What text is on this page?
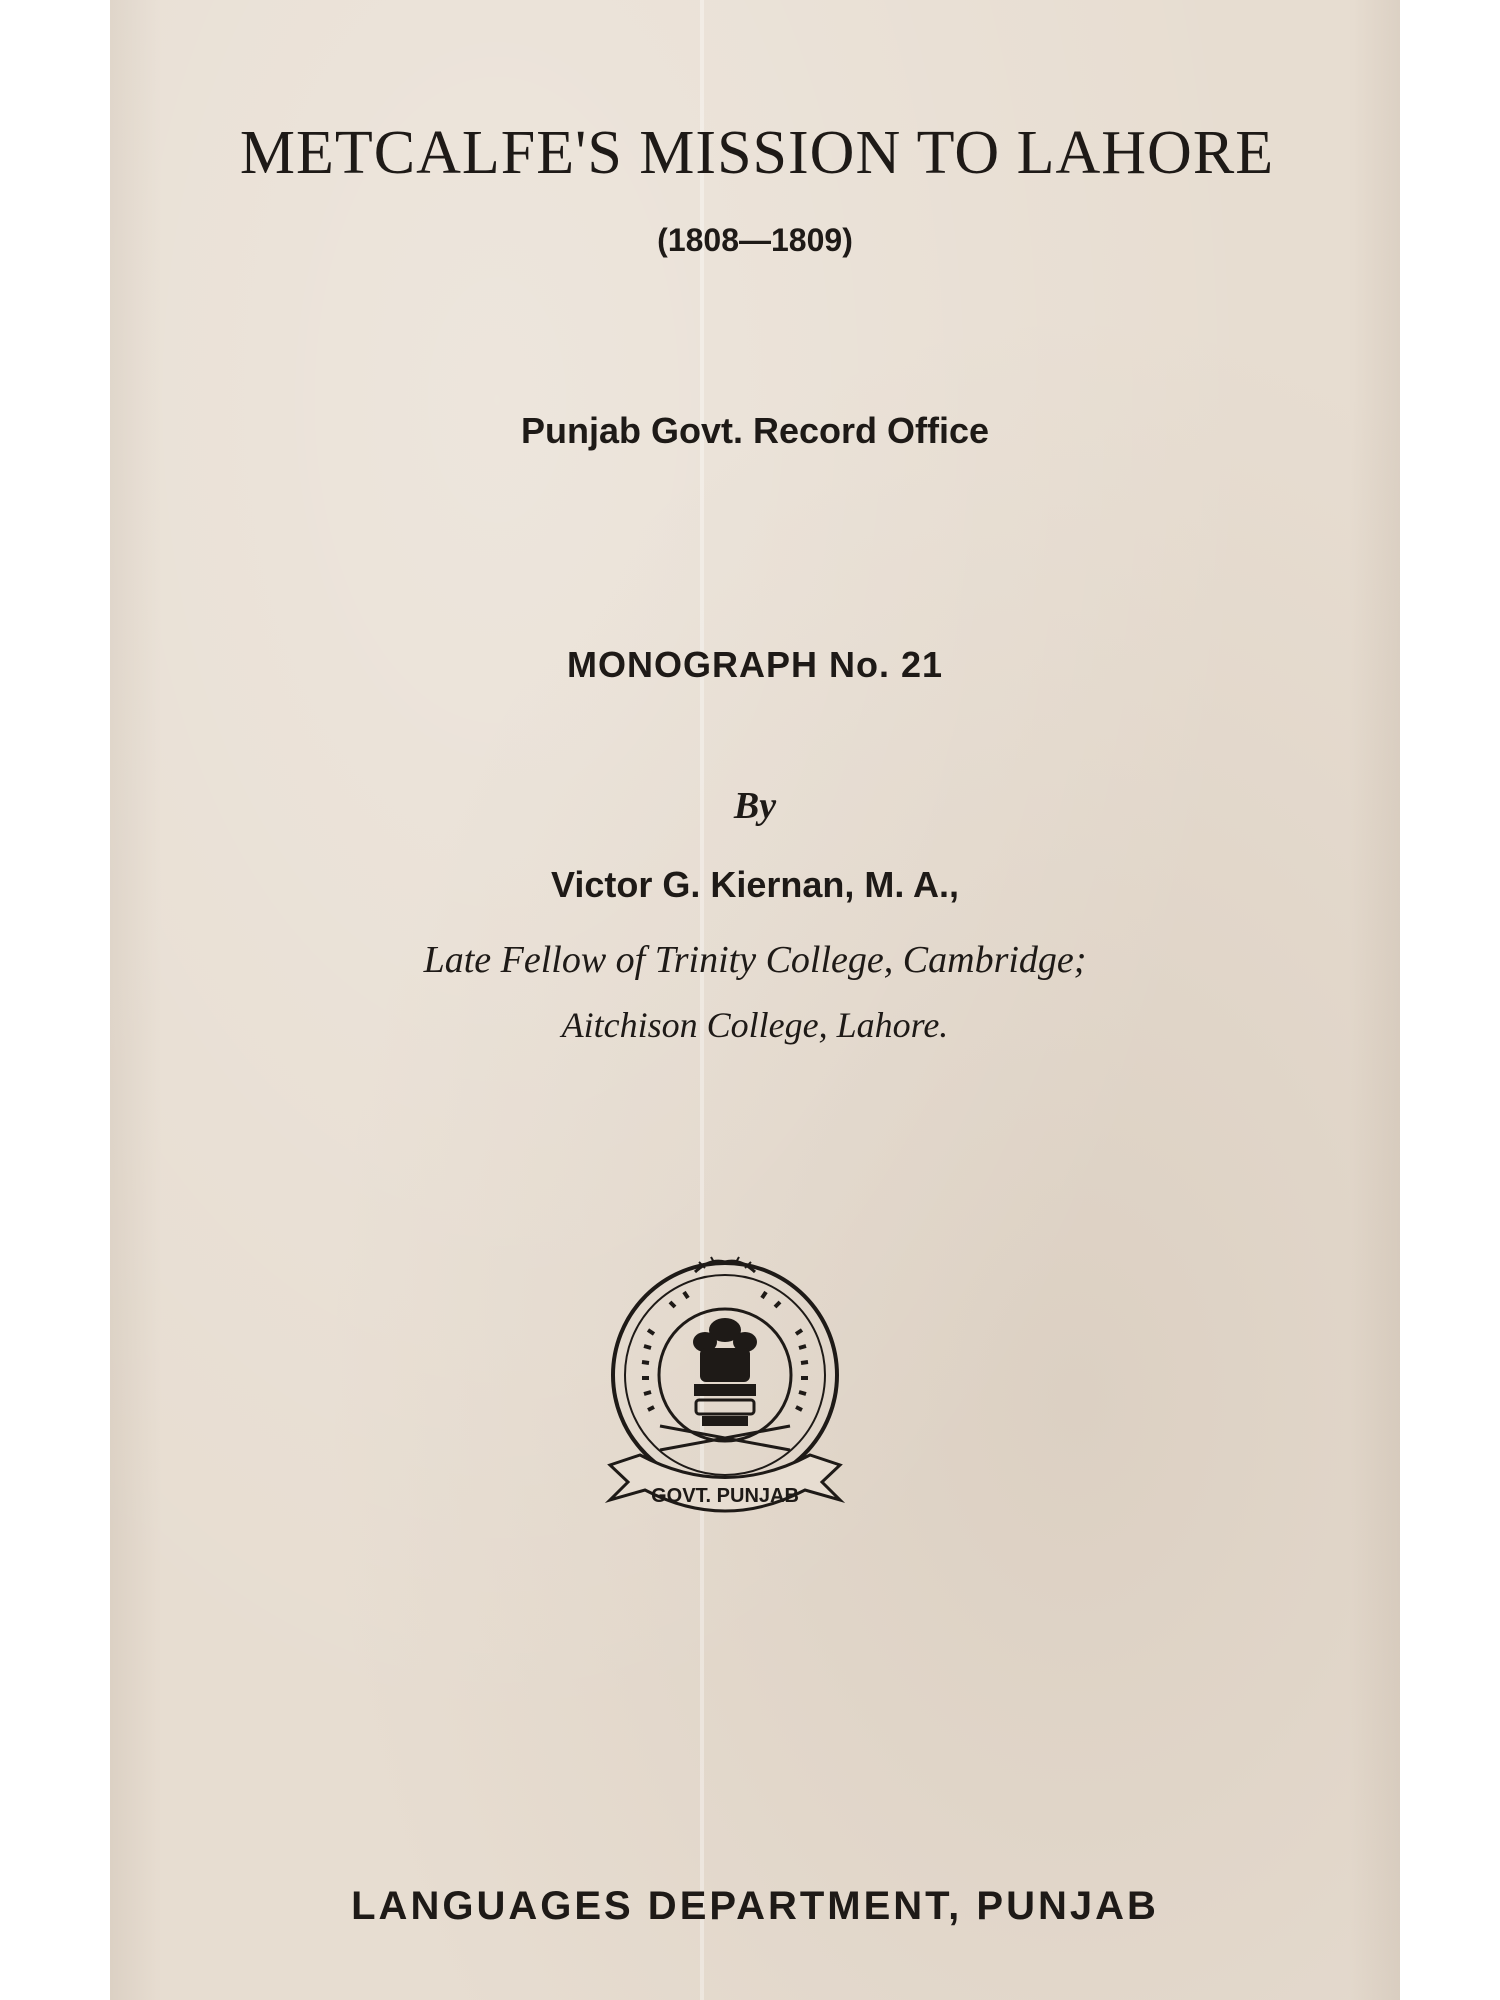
METCALFE'S MISSION TO LAHORE

(1808—1809)

Punjab Govt. Record Office

MONOGRAPH No. 21

By

Victor G. Kiernan, M. A.,

Late Fellow of Trinity College, Cambridge;

Aitchison College, Lahore.

GOVT. PUNJAB

LANGUAGES DEPARTMENT, PUNJAB
